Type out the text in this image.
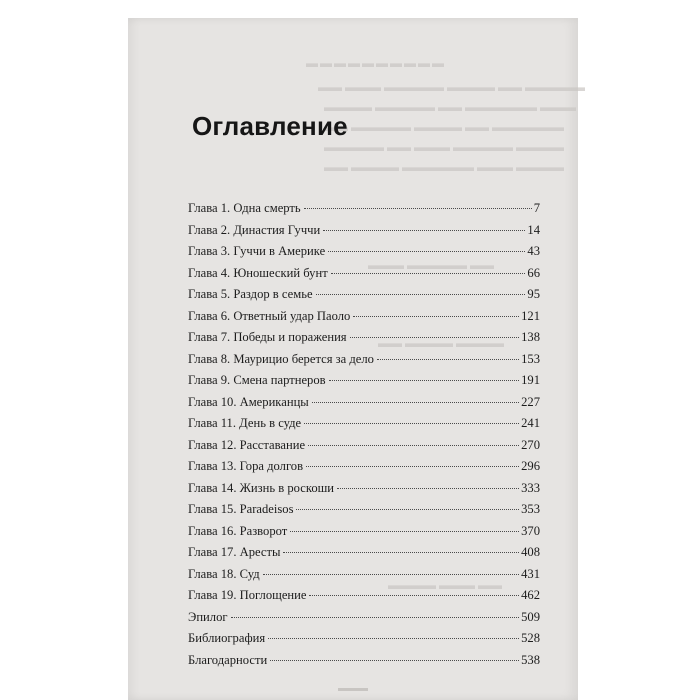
▬▬▬▬▬▬▬▬▬▬
▬▬ ▬▬▬ ▬▬▬▬▬ ▬▬▬▬ ▬▬ ▬▬▬▬▬
▬▬▬▬ ▬▬▬▬▬ ▬▬ ▬▬▬▬▬▬ ▬▬▬
▬▬ ▬▬▬▬▬ ▬▬▬▬ ▬▬ ▬▬▬▬▬▬
▬▬▬▬▬ ▬▬ ▬▬▬ ▬▬▬▬▬ ▬▬▬▬
▬▬ ▬▬▬▬ ▬▬▬▬▬▬ ▬▬▬ ▬▬▬▬
▬▬▬ ▬▬▬▬▬ ▬▬
▬▬ ▬▬▬▬ ▬▬▬▬
▬▬▬▬ ▬▬▬ ▬▬
Оглавление
Глава 1. Одна смерть	7
Глава 2. Династия Гуччи	14
Глава 3. Гуччи в Америке	43
Глава 4. Юношеский бунт	66
Глава 5. Раздор в семье	95
Глава 6. Ответный удар Паоло	121
Глава 7. Победы и поражения	138
Глава 8. Маурицио берется за дело	153
Глава 9. Смена партнеров	191
Глава 10. Американцы	227
Глава 11. День в суде	241
Глава 12. Расставание	270
Глава 13. Гора долгов	296
Глава 14. Жизнь в роскоши	333
Глава 15. Paradeisos	353
Глава 16. Разворот	370
Глава 17. Аресты	408
Глава 18. Суд	431
Глава 19. Поглощение	462
Эпилог	509
Библиография	528
Благодарности	538
▬▬▬
